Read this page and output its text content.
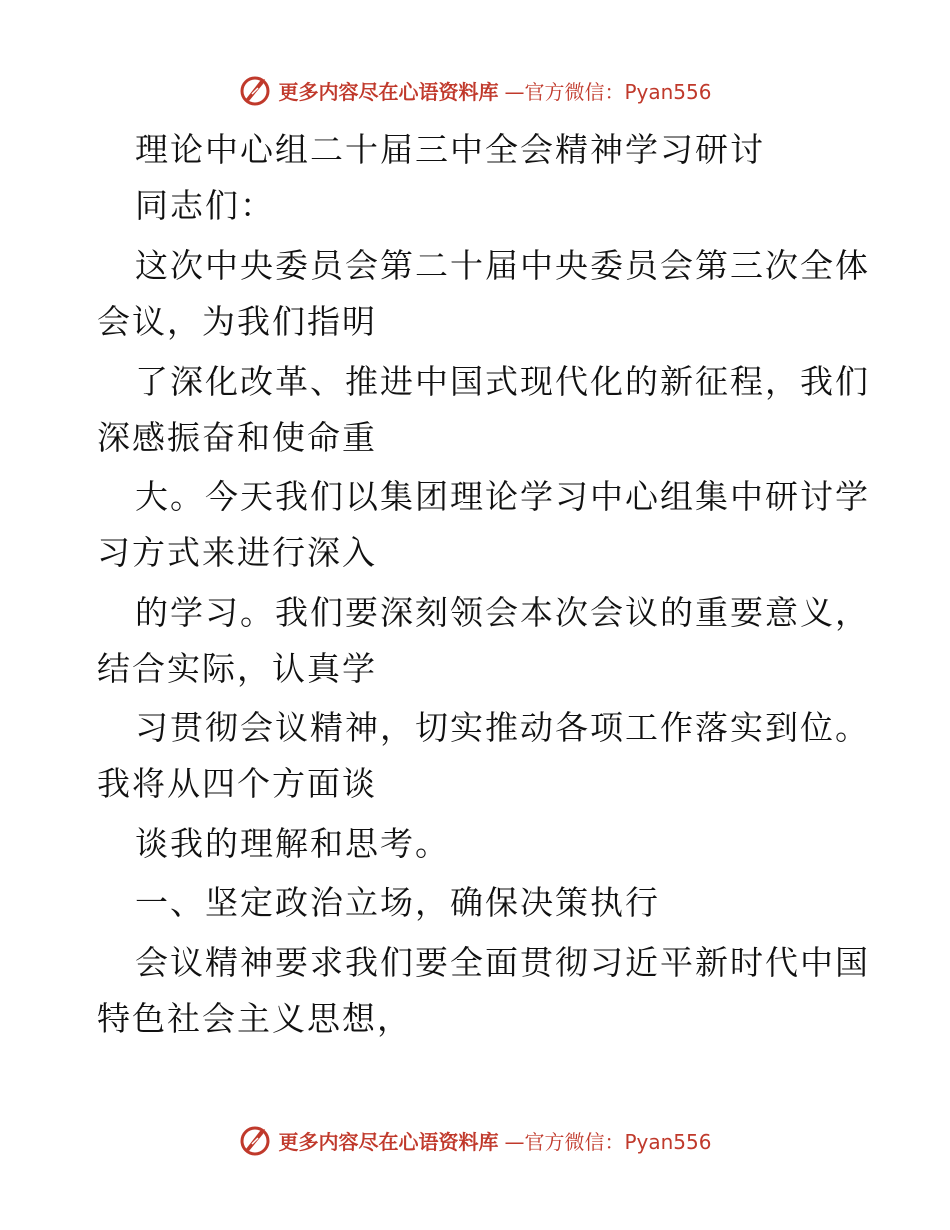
更多内容尽在心语资料库 —官方微信：Pyan556
理论中心组二十届三中全会精神学习研讨
同志们：
这次中央委员会第二十届中央委员会第三次全体
会议，为我们指明
了深化改革、推进中国式现代化的新征程，我们
深感振奋和使命重
大。今天我们以集团理论学习中心组集中研讨学
习方式来进行深入
的学习。我们要深刻领会本次会议的重要意义，
结合实际，认真学
习贯彻会议精神，切实推动各项工作落实到位。
我将从四个方面谈
谈我的理解和思考。
一、坚定政治立场，确保决策执行
会议精神要求我们要全面贯彻习近平新时代中国
特色社会主义思想，
更多内容尽在心语资料库 —官方微信：Pyan556
